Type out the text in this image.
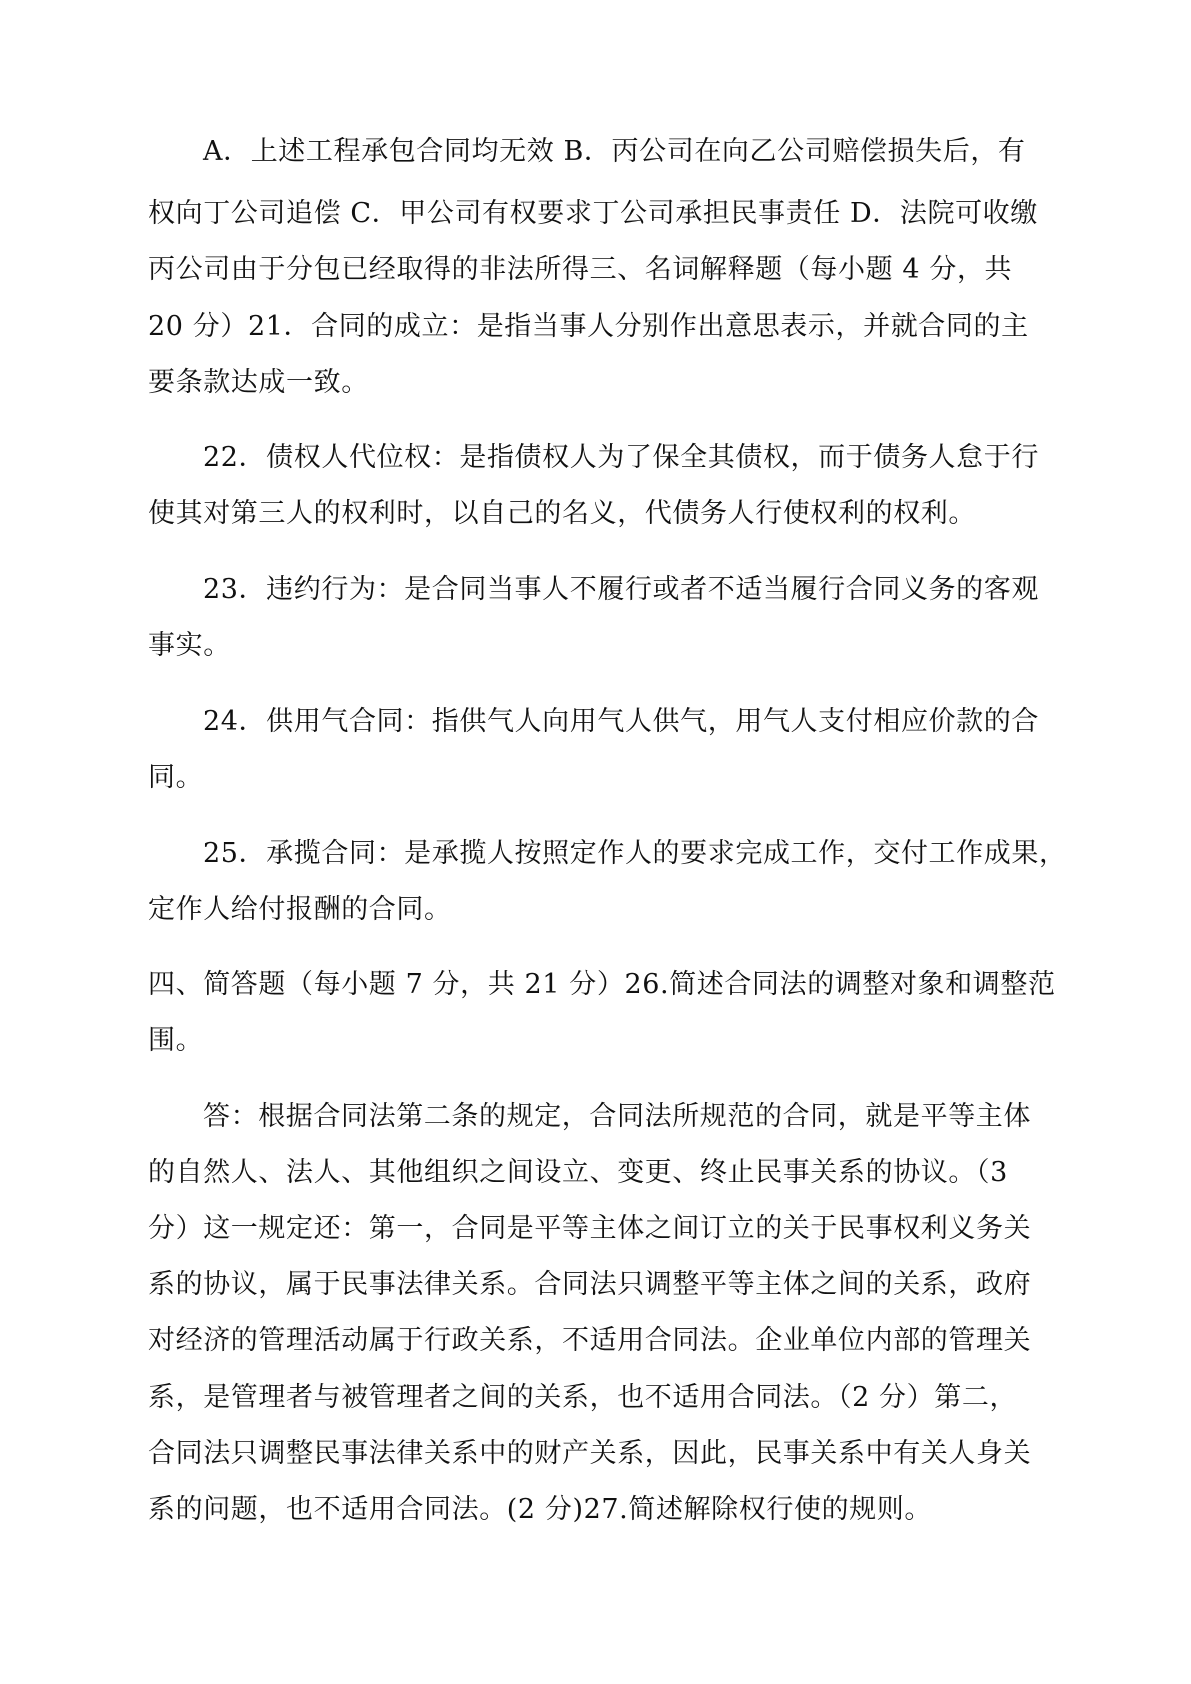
A．上述工程承包合同均无效 B．丙公司在向乙公司赔偿损失后，有
权向丁公司追偿 C．甲公司有权要求丁公司承担民事责任 D．法院可收缴
丙公司由于分包已经取得的非法所得三、名词解释题（每小题 4 分，共
20 分）21．合同的成立：是指当事人分别作出意思表示，并就合同的主
要条款达成一致。
22．债权人代位权：是指债权人为了保全其债权，而于债务人怠于行
使其对第三人的权利时，以自己的名义，代债务人行使权利的权利。
23．违约行为：是合同当事人不履行或者不适当履行合同义务的客观
事实。
24．供用气合同：指供气人向用气人供气，用气人支付相应价款的合
同。
25．承揽合同：是承揽人按照定作人的要求完成工作，交付工作成果，
定作人给付报酬的合同。
四、简答题（每小题 7 分，共 21 分）26.简述合同法的调整对象和调整范
围。
答：根据合同法第二条的规定，合同法所规范的合同，就是平等主体
的自然人、法人、其他组织之间设立、变更、终止民事关系的协议。（3
分）这一规定还：第一，合同是平等主体之间订立的关于民事权利义务关
系的协议，属于民事法律关系。合同法只调整平等主体之间的关系，政府
对经济的管理活动属于行政关系，不适用合同法。企业单位内部的管理关
系，是管理者与被管理者之间的关系，也不适用合同法。（2 分）第二，
合同法只调整民事法律关系中的财产关系，因此，民事关系中有关人身关
系的问题，也不适用合同法。(2 分)27.简述解除权行使的规则。
